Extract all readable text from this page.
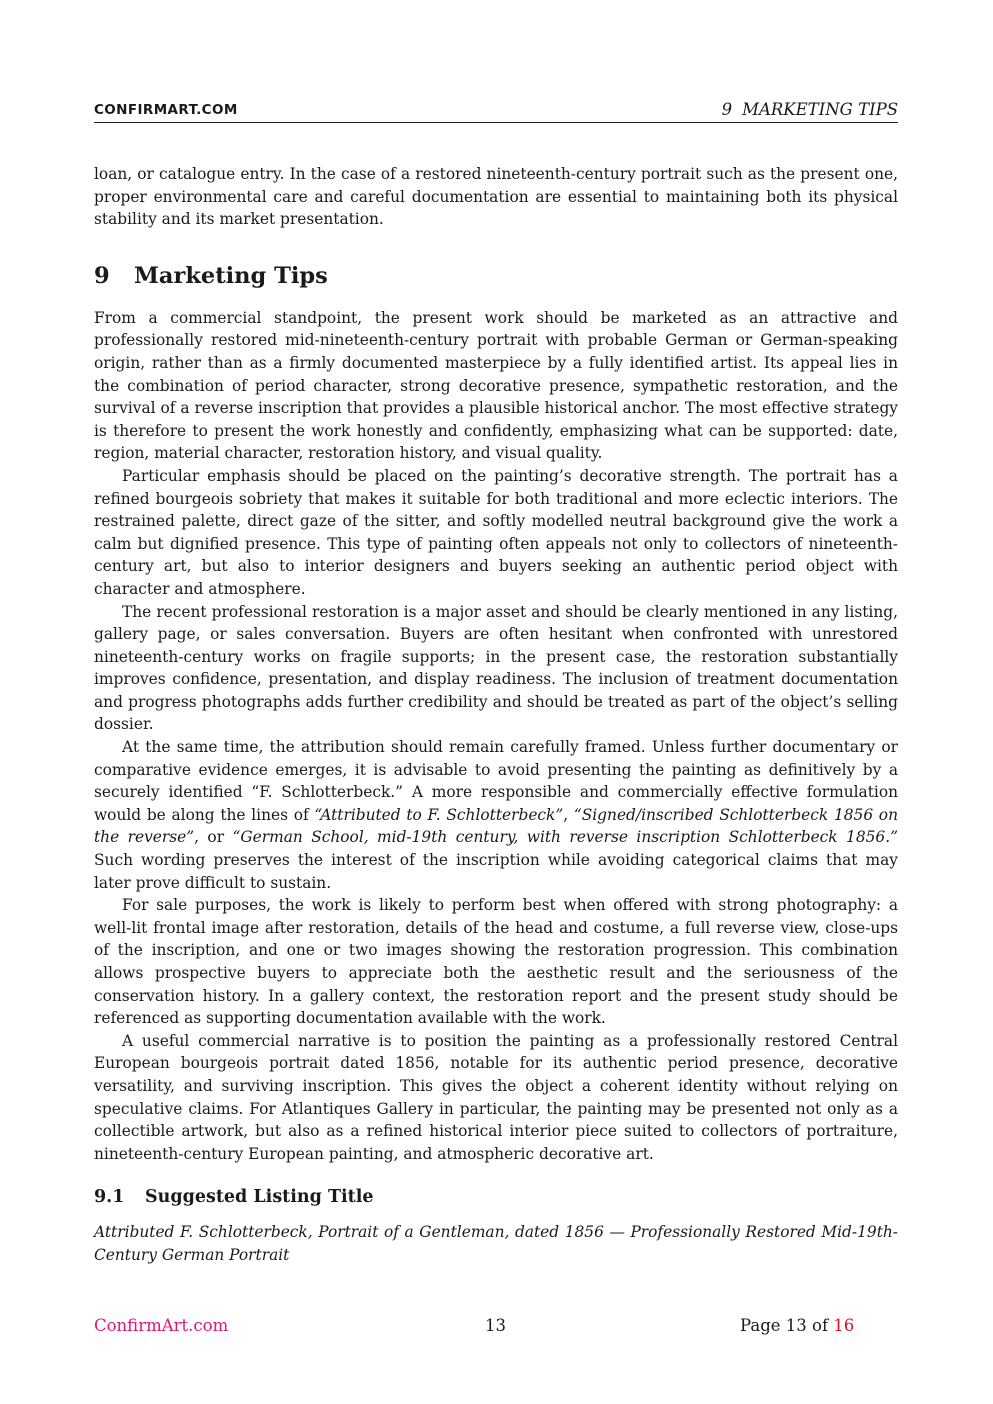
CONFIRMART.COM	9 MARKETING TIPS

loan, or catalogue entry. In the case of a restored nineteenth-century portrait such as the present one, proper environmental care and careful documentation are essential to maintaining both its physical stability and its market presentation.

9 Marketing Tips

From a commercial standpoint, the present work should be marketed as an attractive and professionally restored mid-nineteenth-century portrait with probable German or German-speaking origin, rather than as a firmly documented masterpiece by a fully identified artist. Its appeal lies in the combination of period character, strong decorative presence, sympathetic restoration, and the survival of a reverse inscription that provides a plausible historical anchor. The most effective strategy is therefore to present the work honestly and confidently, emphasizing what can be supported: date, region, material character, restoration history, and visual quality.

Particular emphasis should be placed on the painting’s decorative strength. The portrait has a refined bourgeois sobriety that makes it suitable for both traditional and more eclectic interiors. The restrained palette, direct gaze of the sitter, and softly modelled neutral background give the work a calm but dignified presence. This type of painting often appeals not only to collectors of nineteenth-century art, but also to interior designers and buyers seeking an authentic period object with character and atmosphere.

The recent professional restoration is a major asset and should be clearly mentioned in any listing, gallery page, or sales conversation. Buyers are often hesitant when confronted with unrestored nineteenth-century works on fragile supports; in the present case, the restoration substantially improves confidence, presentation, and display readiness. The inclusion of treatment documentation and progress photographs adds further credibility and should be treated as part of the object’s selling dossier.

At the same time, the attribution should remain carefully framed. Unless further documentary or comparative evidence emerges, it is advisable to avoid presenting the painting as definitively by a securely identified “F. Schlotterbeck.” A more responsible and commercially effective formulation would be along the lines of “Attributed to F. Schlotterbeck”, “Signed/inscribed Schlotterbeck 1856 on the reverse”, or “German School, mid-19th century, with reverse inscription Schlotterbeck 1856.” Such wording preserves the interest of the inscription while avoiding categorical claims that may later prove difficult to sustain.

For sale purposes, the work is likely to perform best when offered with strong photography: a well-lit frontal image after restoration, details of the head and costume, a full reverse view, close-ups of the inscription, and one or two images showing the restoration progression. This combination allows prospective buyers to appreciate both the aesthetic result and the seriousness of the conservation history. In a gallery context, the restoration report and the present study should be referenced as supporting documentation available with the work.

A useful commercial narrative is to position the painting as a professionally restored Central European bourgeois portrait dated 1856, notable for its authentic period presence, decorative versatility, and surviving inscription. This gives the object a coherent identity without relying on speculative claims. For Atlantiques Gallery in particular, the painting may be presented not only as a collectible artwork, but also as a refined historical interior piece suited to collectors of portraiture, nineteenth-century European painting, and atmospheric decorative art.

9.1 Suggested Listing Title

Attributed F. Schlotterbeck, Portrait of a Gentleman, dated 1856 — Professionally Restored Mid-19th-Century German Portrait

ConfirmArt.com	13	Page 13 of 16
